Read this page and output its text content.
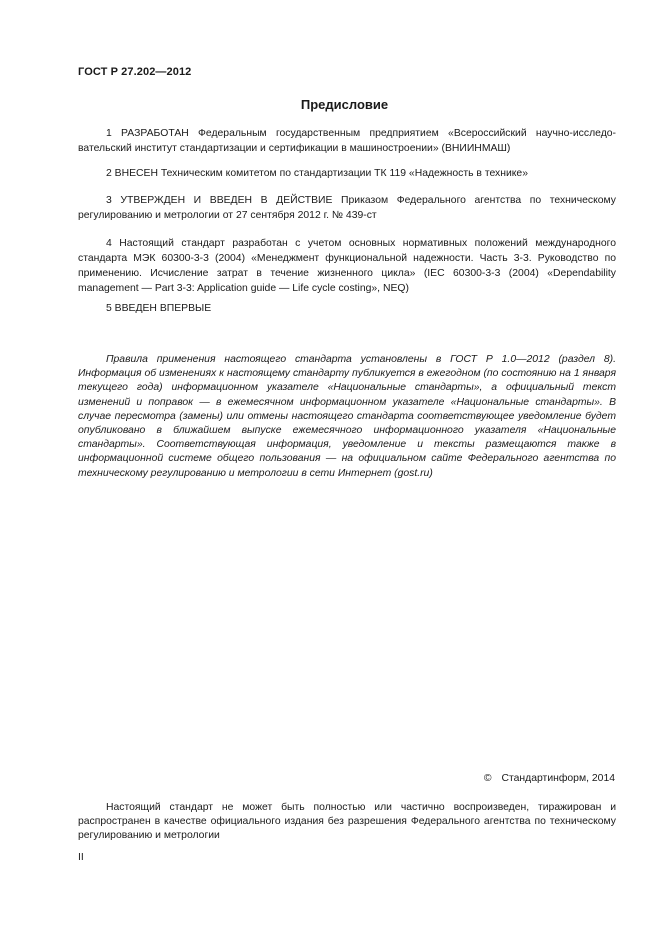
ГОСТ Р 27.202—2012
Предисловие
1 РАЗРАБОТАН Федеральным государственным предприятием «Всероссийский научно-исследо-вательский институт стандартизации и сертификации в машиностроении» (ВНИИНМАШ)
2 ВНЕСЕН Техническим комитетом по стандартизации ТК 119 «Надежность в технике»
3 УТВЕРЖДЕН И ВВЕДЕН В ДЕЙСТВИЕ Приказом Федерального агентства по техническому регулированию и метрологии от 27 сентября 2012 г. № 439-ст
4 Настоящий стандарт разработан с учетом основных нормативных положений международного стандарта МЭК 60300-3-3 (2004) «Менеджмент функциональной надежности. Часть 3-3. Руководство по применению. Исчисление затрат в течение жизненного цикла» (IEC 60300-3-3 (2004) «Dependability management — Part 3-3: Application guide — Life cycle costing», NEQ)
5 ВВЕДЕН ВПЕРВЫЕ
Правила применения настоящего стандарта установлены в ГОСТ Р 1.0—2012 (раздел 8). Информация об изменениях к настоящему стандарту публикуется в ежегодном (по состоянию на 1 января текущего года) информационном указателе «Национальные стандарты», а официальный текст изменений и поправок — в ежемесячном информационном указателе «Национальные стандарты». В случае пересмотра (замены) или отмены настоящего стандарта соответствующее уведомление будет опубликовано в ближайшем выпуске ежемесячного информационного указателя «Национальные стандарты». Соответствующая информация, уведомление и тексты размещаются также в информационной системе общего пользования — на официальном сайте Федерального агентства по техническому регулированию и метрологии в сети Интернет (gost.ru)
© Стандартинформ, 2014
Настоящий стандарт не может быть полностью или частично воспроизведен, тиражирован и распространен в качестве официального издания без разрешения Федерального агентства по техническому регулированию и метрологии
II
